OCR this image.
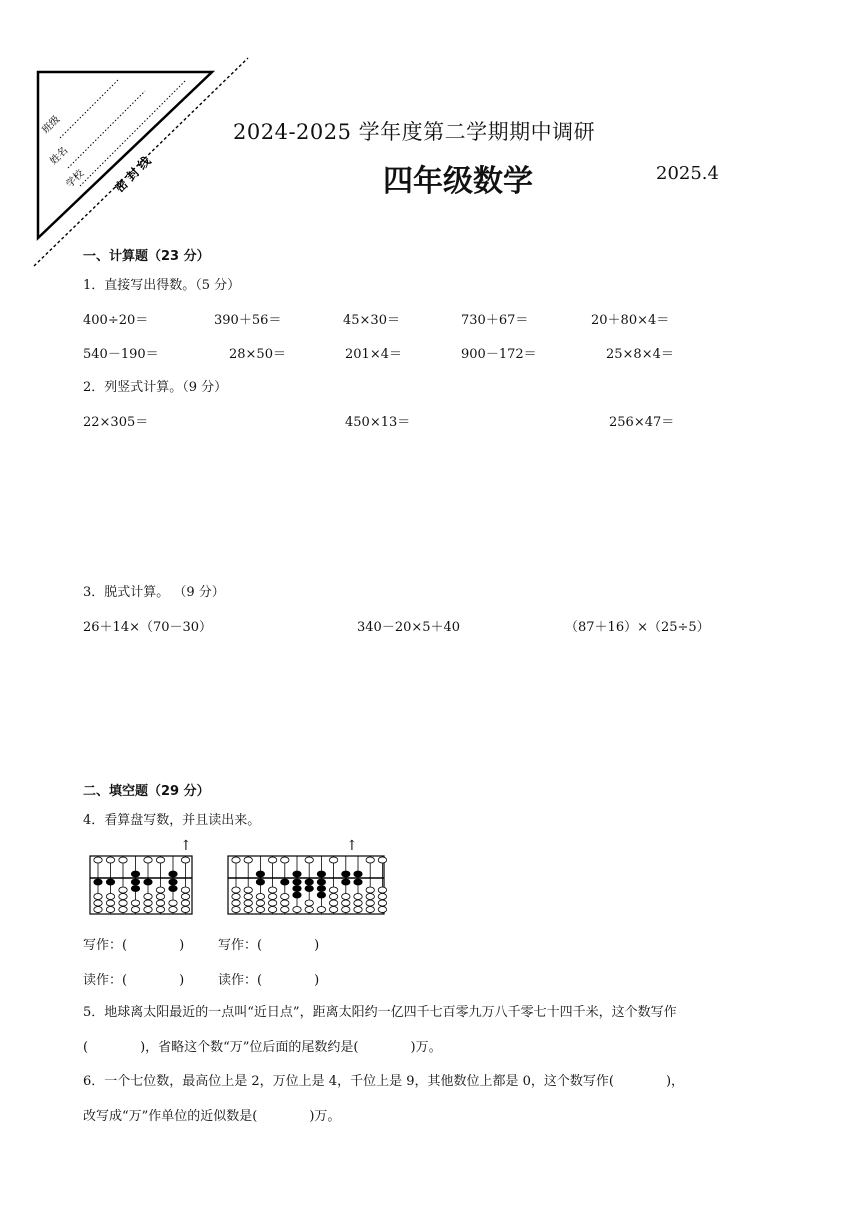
班级
姓名
学校 密 封 线
2024-2025 学年度第二学期期中调研
四年级数学	2025.4
一、计算题（23 分）
1．直接写出得数。（5 分）
400÷20＝	390＋56＝	45×30＝	730＋67＝	20＋80×4＝
540－190＝	28×50＝	201×4＝	900－172＝	25×8×4＝
2．列竖式计算。（9 分）
22×305＝	450×13＝	256×47＝
3．脱式计算。 （9 分）
26＋14×（70－30）	340－20×5＋40	（87＋16）×（25÷5）
二、填空题（29 分）
4．看算盘写数，并且读出来。
↑	↑
写作：(　　　　)	写作：(　　　　)
读作：(　　　　)	读作：(　　　　)
5．地球离太阳最近的一点叫“近日点”，距离太阳约一亿四千七百零九万八千零七十四千米，这个数写作
(　　　　)，省略这个数“万”位后面的尾数约是(　　　　)万。
6．一个七位数，最高位上是 2，万位上是 4，千位上是 9，其他数位上都是 0，这个数写作(　　　　)，
改写成“万”作单位的近似数是(　　　　)万。
